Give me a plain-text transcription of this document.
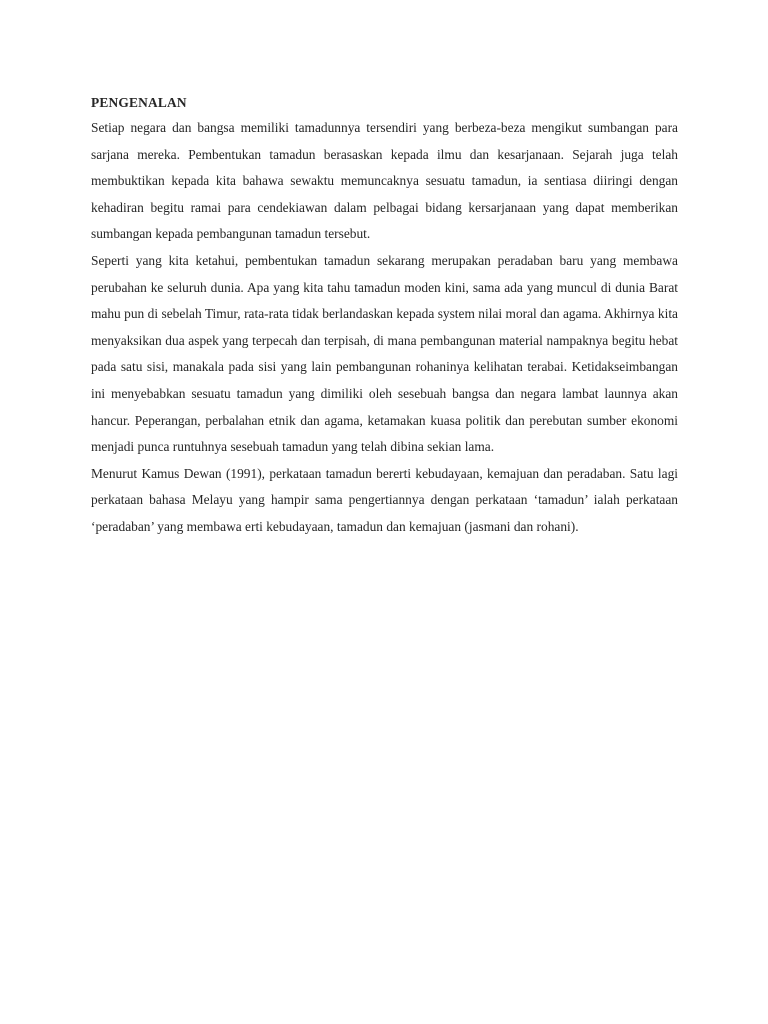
PENGENALAN

Setiap negara dan bangsa memiliki tamadunnya tersendiri yang berbeza-beza mengikut sumbangan para sarjana mereka. Pembentukan tamadun berasaskan kepada ilmu dan kesarjanaan. Sejarah juga telah membuktikan kepada kita bahawa sewaktu memuncaknya sesuatu tamadun, ia sentiasa diiringi dengan kehadiran begitu ramai para cendekiawan dalam pelbagai bidang kersarjanaan yang dapat memberikan sumbangan kepada pembangunan tamadun tersebut.

Seperti yang kita ketahui, pembentukan tamadun sekarang merupakan peradaban baru yang membawa perubahan ke seluruh dunia. Apa yang kita tahu tamadun moden kini, sama ada yang muncul di dunia Barat mahu pun di sebelah Timur, rata-rata tidak berlandaskan kepada system nilai moral dan agama. Akhirnya kita menyaksikan dua aspek yang terpecah dan terpisah, di mana pembangunan material nampaknya begitu hebat pada satu sisi, manakala pada sisi yang lain pembangunan rohaninya kelihatan terabai. Ketidakseimbangan ini menyebabkan sesuatu tamadun yang dimiliki oleh sesebuah bangsa dan negara lambat launnya akan hancur. Peperangan, perbalahan etnik dan agama, ketamakan kuasa politik dan perebutan sumber ekonomi menjadi punca runtuhnya sesebuah tamadun yang telah dibina sekian lama.

Menurut Kamus Dewan (1991), perkataan tamadun bererti kebudayaan, kemajuan dan peradaban. Satu lagi perkataan bahasa Melayu yang hampir sama pengertiannya dengan perkataan ‘tamadun’ ialah perkataan ‘peradaban’ yang membawa erti kebudayaan, tamadun dan kemajuan (jasmani dan rohani).
